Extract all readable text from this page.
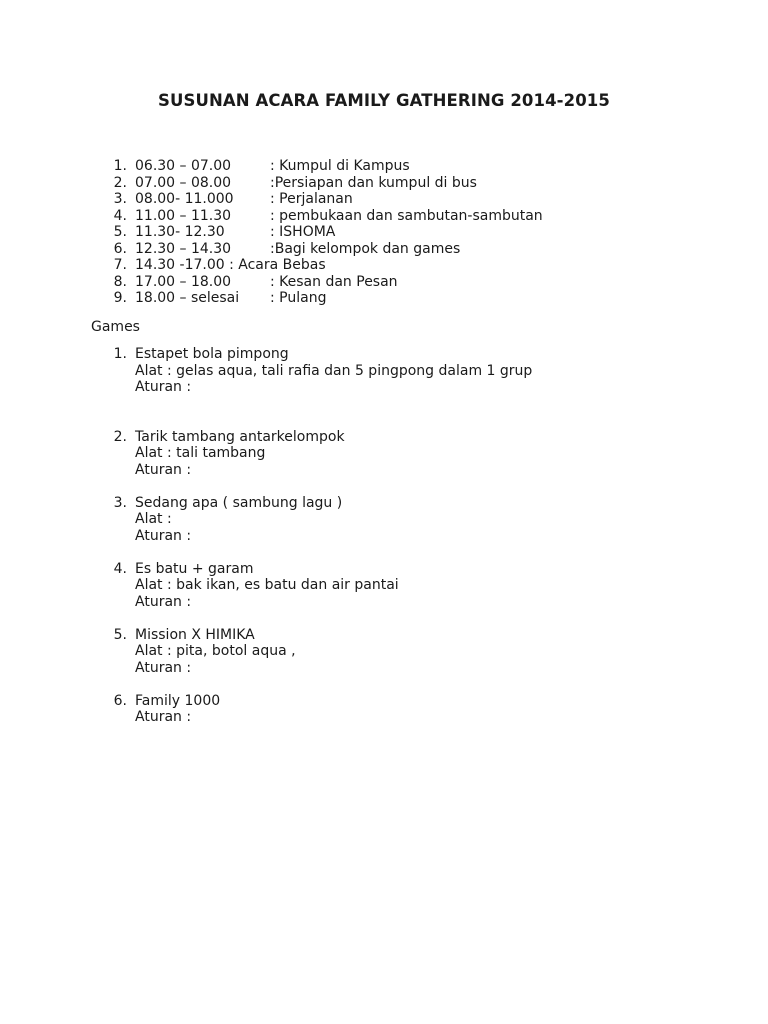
SUSUNAN ACARA FAMILY GATHERING 2014-2015
1. 06.30 – 07.00	: Kumpul di Kampus
2. 07.00 – 08.00	:Persiapan dan kumpul di bus
3. 08.00- 11.000	: Perjalanan
4. 11.00 – 11.30	: pembukaan dan sambutan-sambutan
5. 11.30- 12.30	: ISHOMA
6. 12.30 – 14.30	:Bagi kelompok dan games
7. 14.30 -17.00 : Acara Bebas
8. 17.00 – 18.00	: Kesan dan Pesan
9. 18.00 – selesai : Pulang
Games
1. Estapet bola pimpong
Alat : gelas aqua, tali rafia dan 5 pingpong dalam 1 grup
Aturan :
2. Tarik tambang antarkelompok
Alat : tali tambang
Aturan :
3. Sedang apa ( sambung lagu )
Alat :
Aturan :
4. Es batu + garam
Alat : bak ikan, es batu dan air pantai
Aturan :
5. Mission X HIMIKA
Alat : pita, botol aqua ,
Aturan :
6. Family 1000
Aturan :
